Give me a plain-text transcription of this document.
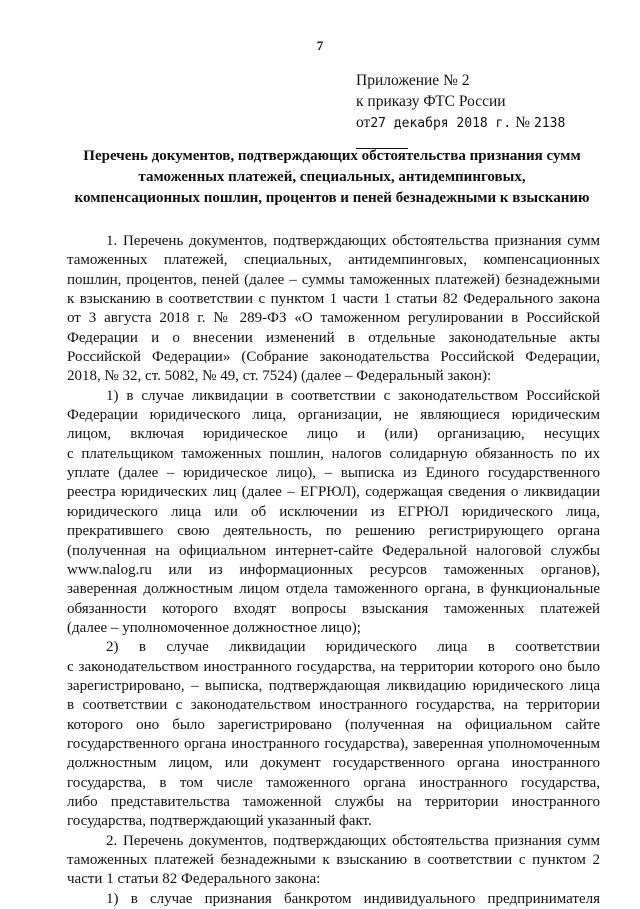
7
Приложение № 2
к приказу ФТС России
от27 декабря 2018 г. № 2138
Перечень документов, подтверждающих обстоятельства признания сумм
таможенных платежей, специальных, антидемпинговых,
компенсационных пошлин, процентов и пеней безнадежными к взысканию
1. Перечень документов, подтверждающих обстоятельства признания сумм
таможенных платежей, специальных, антидемпинговых, компенсационных
пошлин, процентов, пеней (далее – суммы таможенных платежей) безнадежными
к взысканию в соответствии с пунктом 1 части 1 статьи 82 Федерального закона
от 3 августа 2018 г. № 289-ФЗ «О таможенном регулировании в Российской
Федерации и о внесении изменений в отдельные законодательные акты
Российской Федерации» (Собрание законодательства Российской Федерации,
2018, № 32, ст. 5082, № 49, ст. 7524) (далее – Федеральный закон):
1) в случае ликвидации в соответствии с законодательством Российской
Федерации юридического лица, организации, не являющиеся юридическим
лицом, включая юридическое лицо и (или) организацию, несущих
с плательщиком таможенных пошлин, налогов солидарную обязанность по их
уплате (далее – юридическое лицо), – выписка из Единого государственного
реестра юридических лиц (далее – ЕГРЮЛ), содержащая сведения о ликвидации
юридического лица или об исключении из ЕГРЮЛ юридического лица,
прекратившего свою деятельность, по решению регистрирующего органа
(полученная на официальном интернет-сайте Федеральной налоговой службы
www.nalog.ru или из информационных ресурсов таможенных органов),
заверенная должностным лицом отдела таможенного органа, в функциональные
обязанности которого входят вопросы взыскания таможенных платежей
(далее – уполномоченное должностное лицо);
2) в случае ликвидации юридического лица в соответствии
с законодательством иностранного государства, на территории которого оно было
зарегистрировано, – выписка, подтверждающая ликвидацию юридического лица
в соответствии с законодательством иностранного государства, на территории
которого оно было зарегистрировано (полученная на официальном сайте
государственного органа иностранного государства), заверенная уполномоченным
должностным лицом, или документ государственного органа иностранного
государства, в том числе таможенного органа иностранного государства,
либо представительства таможенной службы на территории иностранного
государства, подтверждающий указанный факт.
2. Перечень документов, подтверждающих обстоятельства признания сумм
таможенных платежей безнадежными к взысканию в соответствии с пунктом 2
части 1 статьи 82 Федерального закона:
1) в случае признания банкротом индивидуального предпринимателя
